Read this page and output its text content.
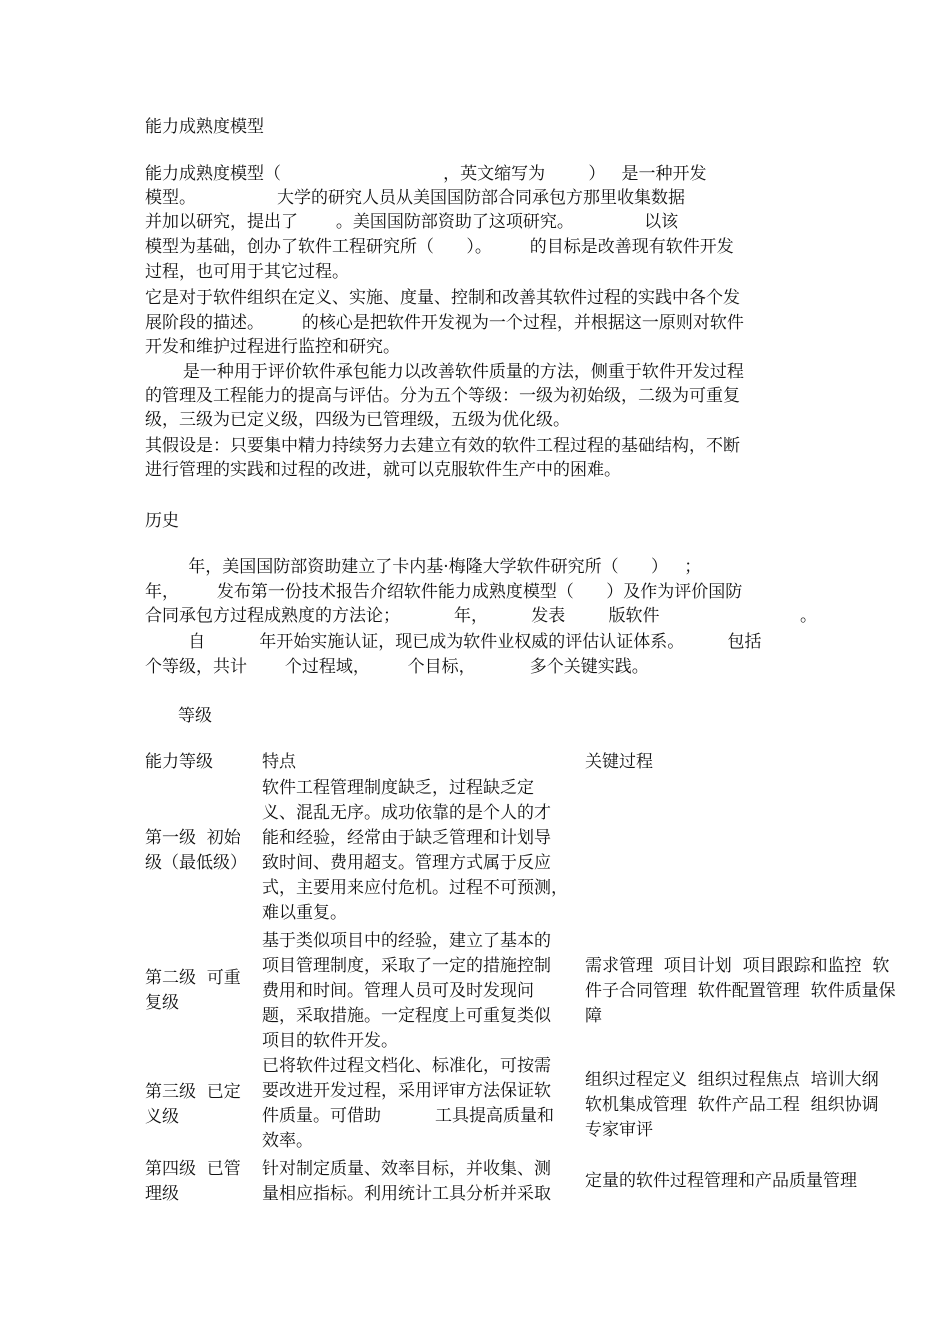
能力成熟度模型
能力成熟度模型（                              ，英文缩写为        ）   是一种开发
模型。               大学的研究人员从美国国防部合同承包方那里收集数据
并加以研究，提出了       。美国国防部资助了这项研究。             以该
模型为基础，创办了软件工程研究所（      ）。       的目标是改善现有软件开发
过程，也可用于其它过程。
它是对于软件组织在定义、实施、度量、控制和改善其软件过程的实践中各个发
展阶段的描述。       的核心是把软件开发视为一个过程，并根据这一原则对软件
开发和维护过程进行监控和研究。
是一种用于评价软件承包能力以改善软件质量的方法，侧重于软件开发过程
的管理及工程能力的提高与评估。分为五个等级：一级为初始级，二级为可重复
级，三级为已定义级，四级为已管理级，五级为优化级。
其假设是：只要集中精力持续努力去建立有效的软件工程过程的基础结构，不断
进行管理的实践和过程的改进，就可以克服软件生产中的困难。
历史
年，美国国防部资助建立了卡内基·梅隆大学软件研究所（      ）   ；
年，       发布第一份技术报告介绍软件能力成熟度模型（      ）及作为评价国防
合同承包方过程成熟度的方法论；          年，        发表        版软件                          。
自          年开始实施认证，现已成为软件业权威的评估认证体系。        包括
个等级，共计       个过程域，       个目标，          多个关键实践。
等级
能力等级	特点	关键过程
第一级  初始
级（最低级）
软件工程管理制度缺乏，过程缺乏定
义、混乱无序。成功依靠的是个人的才
能和经验，经常由于缺乏管理和计划导
致时间、费用超支。管理方式属于反应
式，主要用来应付危机。过程不可预测，
难以重复。
第二级  可重
复级
基于类似项目中的经验，建立了基本的
项目管理制度，采取了一定的措施控制
费用和时间。管理人员可及时发现问
题，采取措施。一定程度上可重复类似
项目的软件开发。
需求管理  项目计划  项目跟踪和监控  软
件子合同管理  软件配置管理  软件质量保
障
第三级  已定
义级
已将软件过程文档化、标准化，可按需
要改进开发过程，采用评审方法保证软
件质量。可借助          工具提高质量和
效率。
组织过程定义  组织过程焦点  培训大纲
软机集成管理  软件产品工程  组织协调
专家审评
第四级  已管
理级
针对制定质量、效率目标，并收集、测
量相应指标。利用统计工具分析并采取
定量的软件过程管理和产品质量管理
